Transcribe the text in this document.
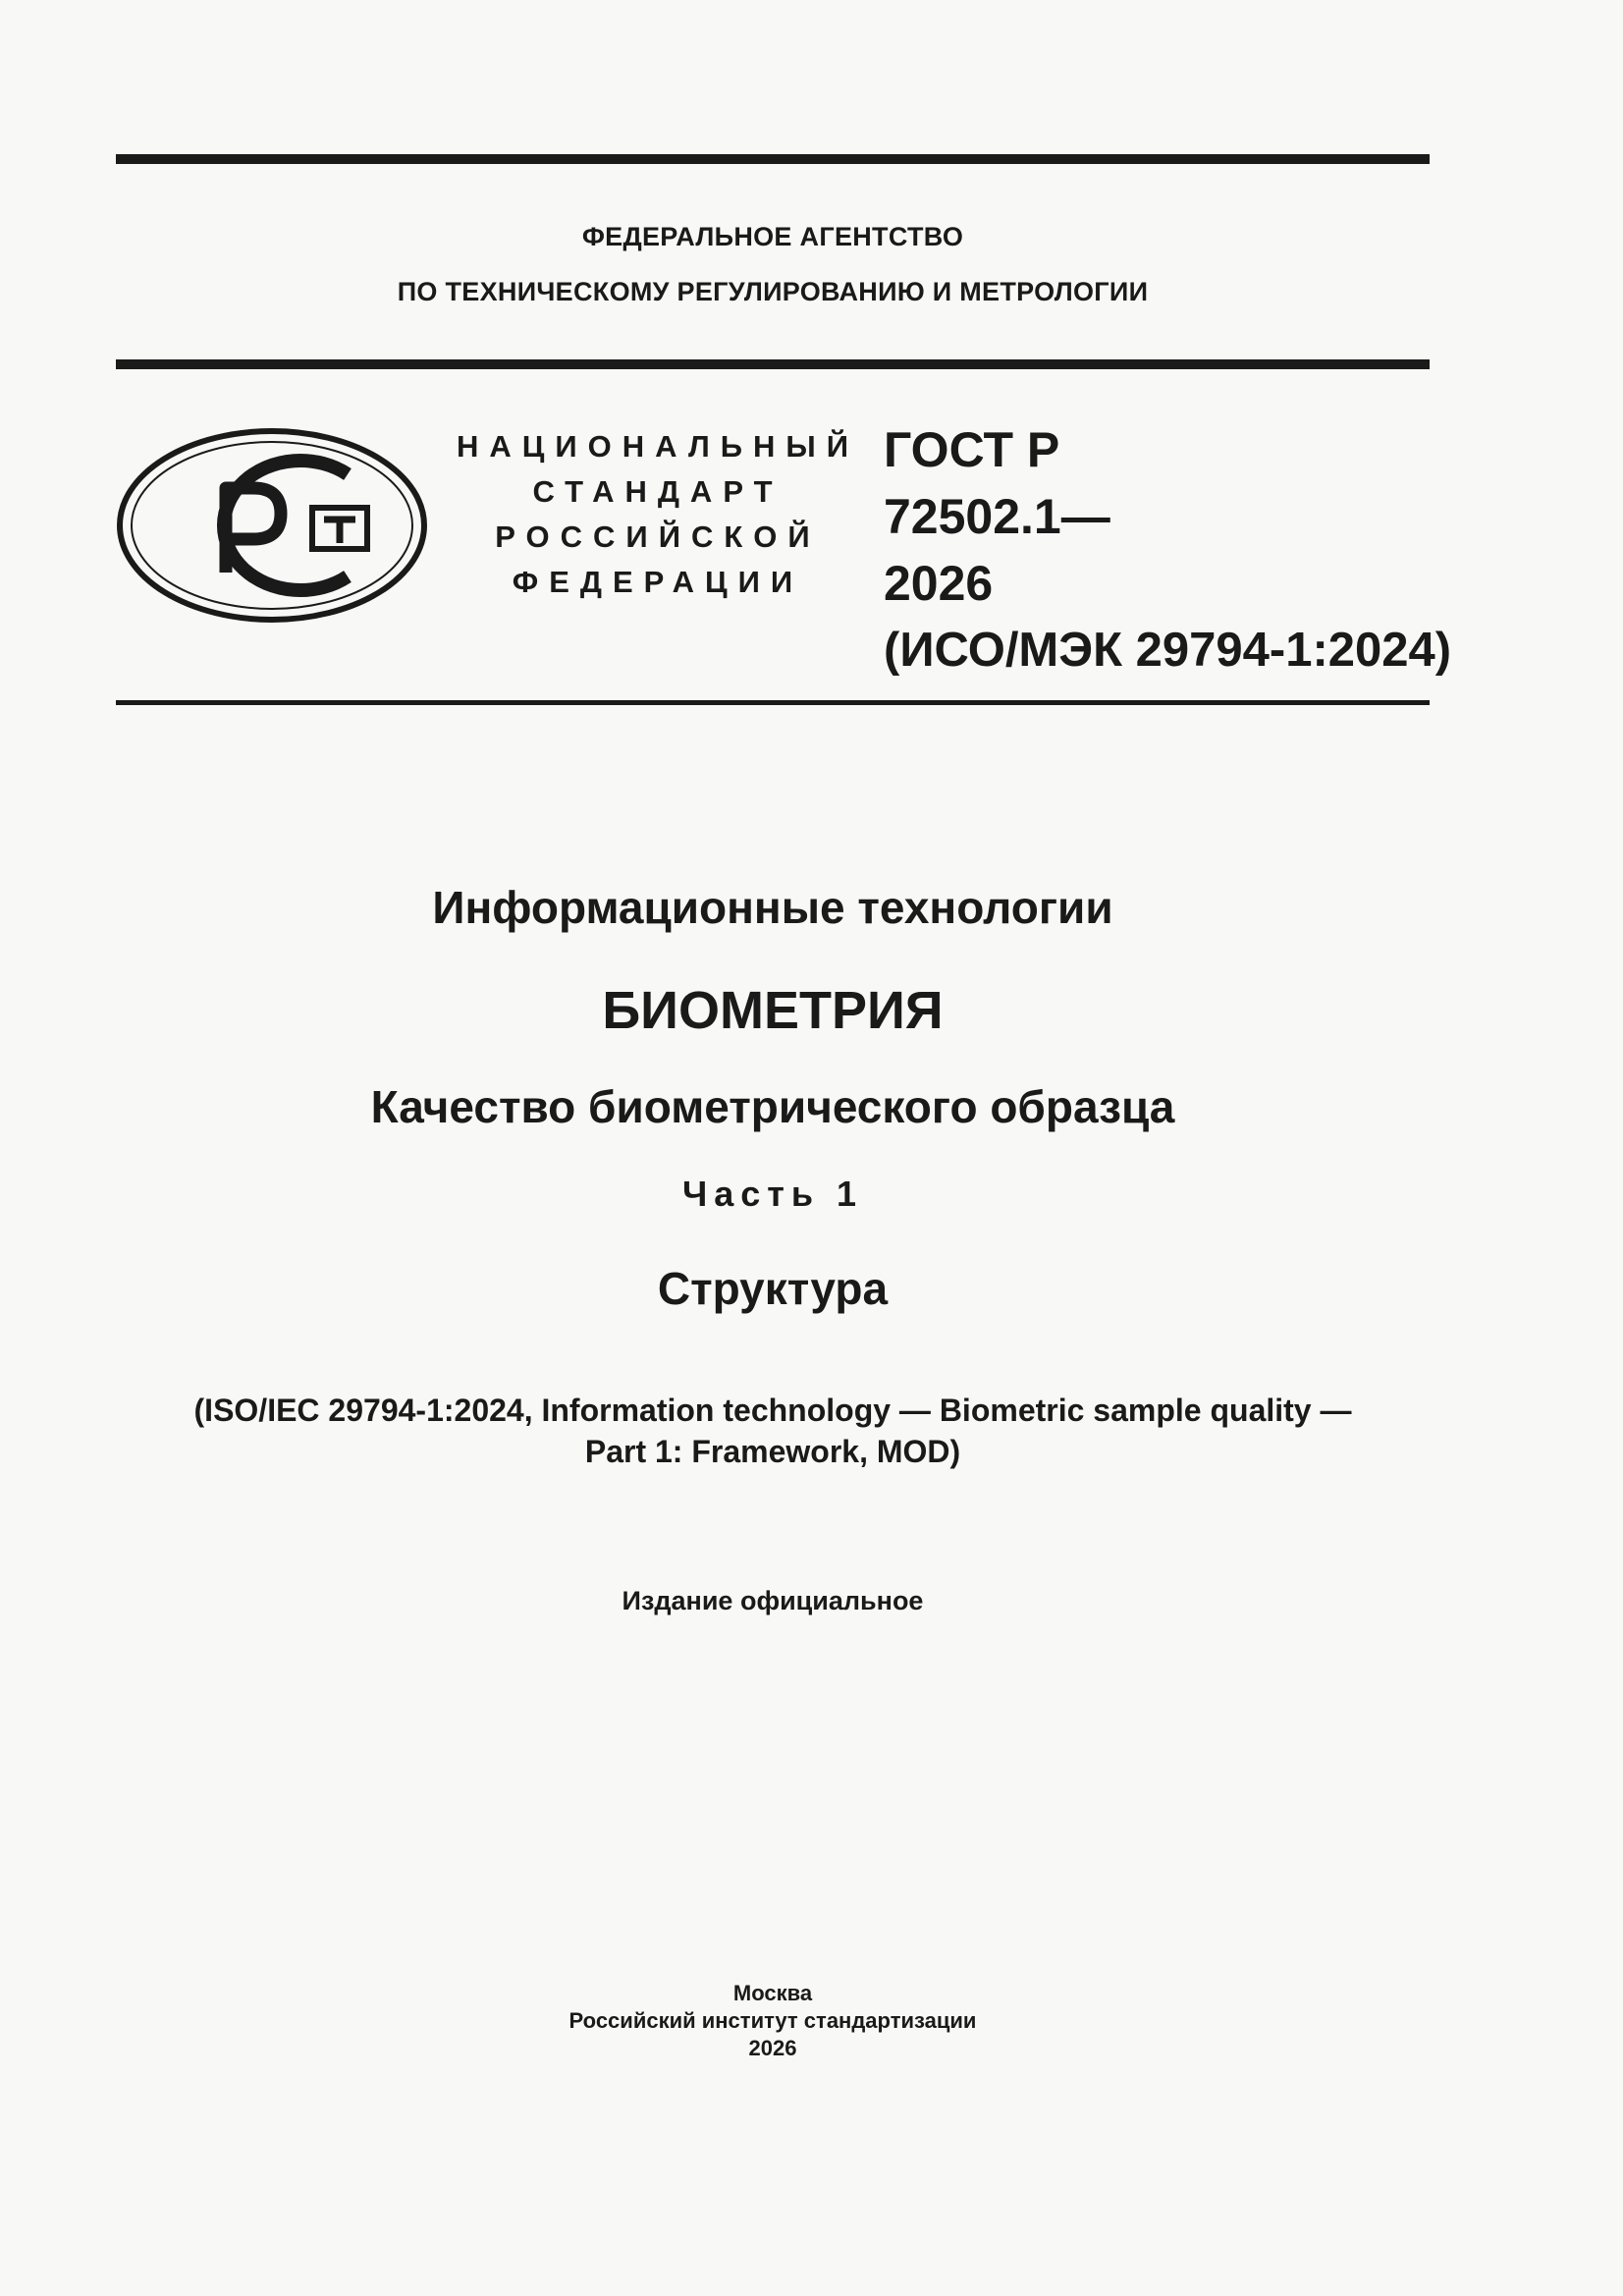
ФЕДЕРАЛЬНОЕ АГЕНТСТВО
ПО ТЕХНИЧЕСКОМУ РЕГУЛИРОВАНИЮ И МЕТРОЛОГИИ
НАЦИОНАЛЬНЫЙ
СТАНДАРТ
РОССИЙСКОЙ
ФЕДЕРАЦИИ
ГОСТ Р
72502.1—
2026
(ИСО/МЭК 29794-1:2024)
Информационные технологии
БИОМЕТРИЯ
Качество биометрического образца
Часть 1
Структура
(ISO/IEC 29794-1:2024, Information technology — Biometric sample quality —
Part 1: Framework, MOD)
Издание официальное
Москва
Российский институт стандартизации
2026
